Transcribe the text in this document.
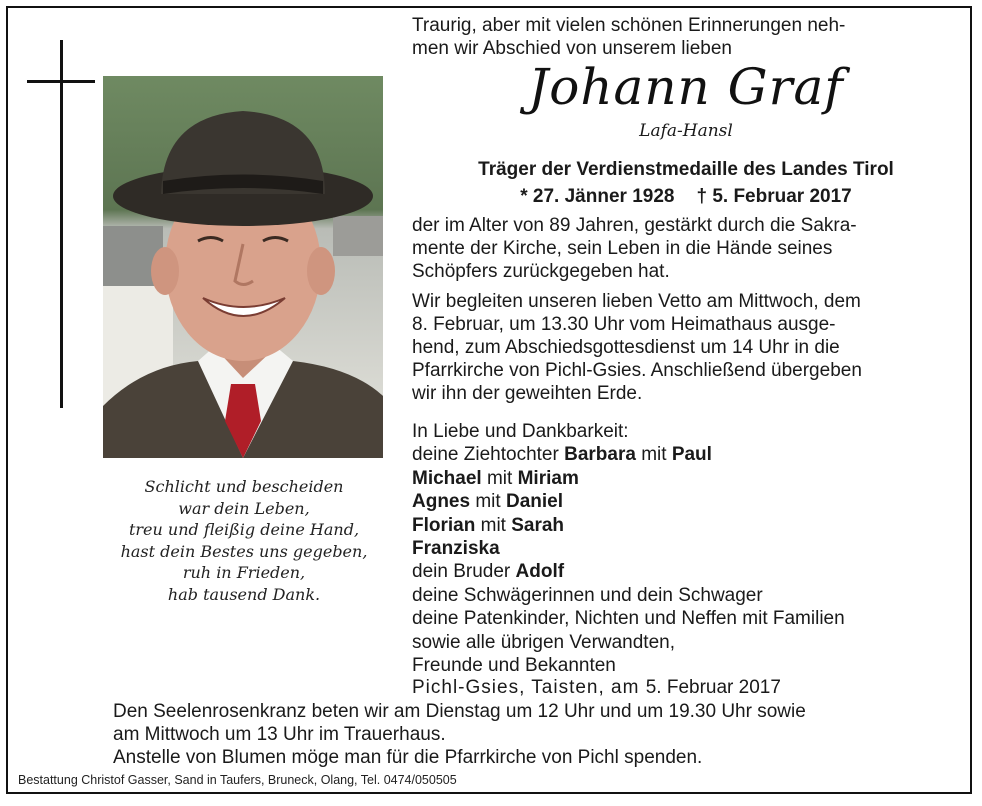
Schlicht und bescheiden
war dein Leben,
treu und fleißig deine Hand,
hast dein Bestes uns gegeben,
ruh in Frieden,
hab tausend Dank.
Traurig, aber mit vielen schönen Erinnerungen neh-
men wir Abschied von unserem lieben
Johann Graf
Lafa-Hansl
Träger der Verdienstmedaille des Landes Tirol
* 27. Jänner 1928 † 5. Februar 2017
der im Alter von 89 Jahren, gestärkt durch die Sakra-
mente der Kirche, sein Leben in die Hände seines
Schöpfers zurückgegeben hat.
Wir begleiten unseren lieben Vetto am Mittwoch, dem
8. Februar, um 13.30 Uhr vom Heimathaus ausge-
hend, zum Abschiedsgottesdienst um 14 Uhr in die
Pfarrkirche von Pichl-Gsies. Anschließend übergeben
wir ihn der geweihten Erde.
In Liebe und Dankbarkeit:
deine Ziehtochter Barbara mit Paul
Michael mit Miriam
Agnes mit Daniel
Florian mit Sarah
Franziska
dein Bruder Adolf
deine Schwägerinnen und dein Schwager
deine Patenkinder, Nichten und Neffen mit Familien
sowie alle übrigen Verwandten,
Freunde und Bekannten
Pichl-Gsies, Taisten, am 5. Februar 2017
Den Seelenrosenkranz beten wir am Dienstag um 12 Uhr und um 19.30 Uhr sowie
am Mittwoch um 13 Uhr im Trauerhaus.
Anstelle von Blumen möge man für die Pfarrkirche von Pichl spenden.
Bestattung Christof Gasser, Sand in Taufers, Bruneck, Olang, Tel. 0474/050505
